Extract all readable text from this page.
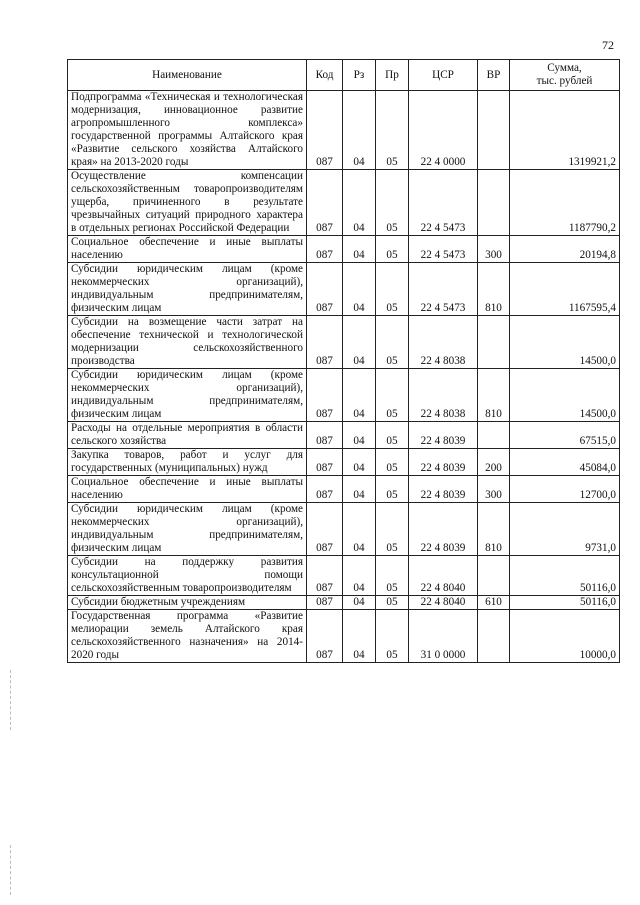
72
Наименование	Код	Рз	Пр	ЦСР	ВР	Сумма,
тыс. рублей
Подпрограмма «Техническая и технологическая модернизация, инновационное развитие агропромышленного комплекса» государственной программы Алтайского края «Развитие сельского хозяйства Алтайского края» на 2013-2020 годы	087	04	05	22 4 0000		1319921,2
Осуществление компенсации сельскохозяйственным товаропроизводителям ущерба, причиненного в результате чрезвычайных ситуаций природного характера в отдельных регионах Российской Федерации	087	04	05	22 4 5473		1187790,2
Социальное обеспечение и иные выплаты населению	087	04	05	22 4 5473	300	20194,8
Субсидии юридическим лицам (кроме некоммерческих организаций), индивидуальным предпринимателям, физическим лицам	087	04	05	22 4 5473	810	1167595,4
Субсидии на возмещение части затрат на обеспечение технической и технологической модернизации сельскохозяйственного производства	087	04	05	22 4 8038		14500,0
Субсидии юридическим лицам (кроме некоммерческих организаций), индивидуальным предпринимателям, физическим лицам	087	04	05	22 4 8038	810	14500,0
Расходы на отдельные мероприятия в области сельского хозяйства	087	04	05	22 4 8039		67515,0
Закупка товаров, работ и услуг для государственных (муниципальных) нужд	087	04	05	22 4 8039	200	45084,0
Социальное обеспечение и иные выплаты населению	087	04	05	22 4 8039	300	12700,0
Субсидии юридическим лицам (кроме некоммерческих организаций), индивидуальным предпринимателям, физическим лицам	087	04	05	22 4 8039	810	9731,0
Субсидии на поддержку развития консультационной помощи сельскохозяйственным товаропроизводителям	087	04	05	22 4 8040		50116,0
Субсидии бюджетным учреждениям	087	04	05	22 4 8040	610	50116,0
Государственная программа «Развитие мелиорации земель Алтайского края сельскохозяйственного назначения» на 2014-2020 годы	087	04	05	31 0 0000		10000,0
